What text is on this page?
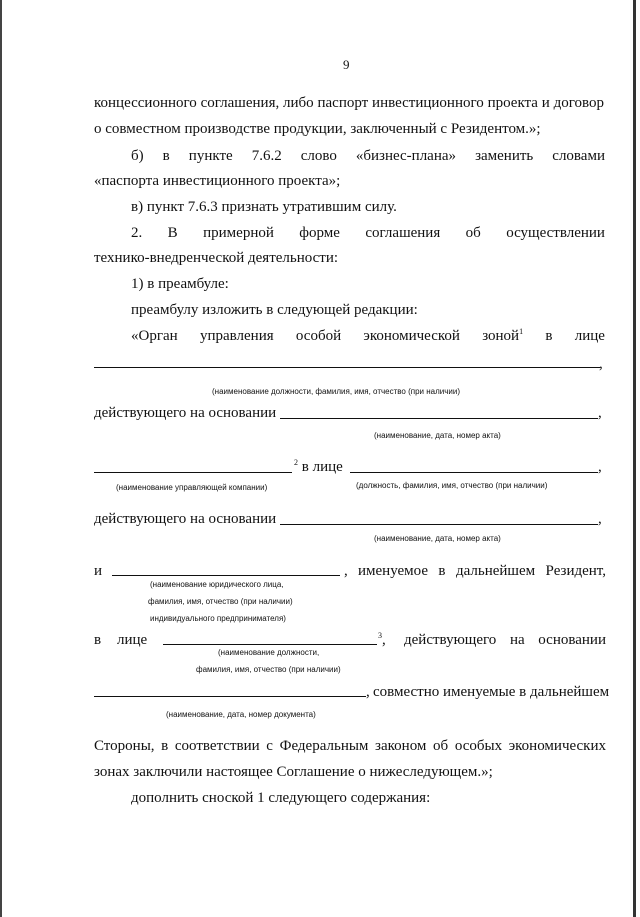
9
концессионного соглашения, либо паспорт инвестиционного проекта и договор
о совместном производстве продукции, заключенный с Резидентом.»;
б) в пункте 7.6.2 слово «бизнес-плана» заменить словами
«паспорта инвестиционного проекта»;
в) пункт 7.6.3 признать утратившим силу.
2. В примерной форме соглашения об осуществлении
технико-внедренческой деятельности:
1) в преамбуле:
преамбулу изложить в следующей редакции:
«Орган управления особой экономической зоной$^1$ в лице
,
(наименование должности, фамилия, имя, отчество (при наличии)
действующего на основании	,
(наименование, дата, номер акта)
$^2$ в лице	,
(наименование управляющей компании)	(должность, фамилия, имя, отчество (при наличии)
действующего на основании	,
(наименование, дата, номер акта)
и	, именуемое в дальнейшем Резидент,
(наименование юридического лица,
фамилия, имя, отчество (при наличии)
индивидуального предпринимателя)
в лице	$^3$, действующего на основании
(наименование должности,
фамилия, имя, отчество (при наличии)
, совместно именуемые в дальнейшем
(наименование, дата, номер документа)
Стороны, в соответствии с Федеральным законом об особых экономических
зонах заключили настоящее Соглашение о нижеследующем.»;
дополнить сноской 1 следующего содержания:
